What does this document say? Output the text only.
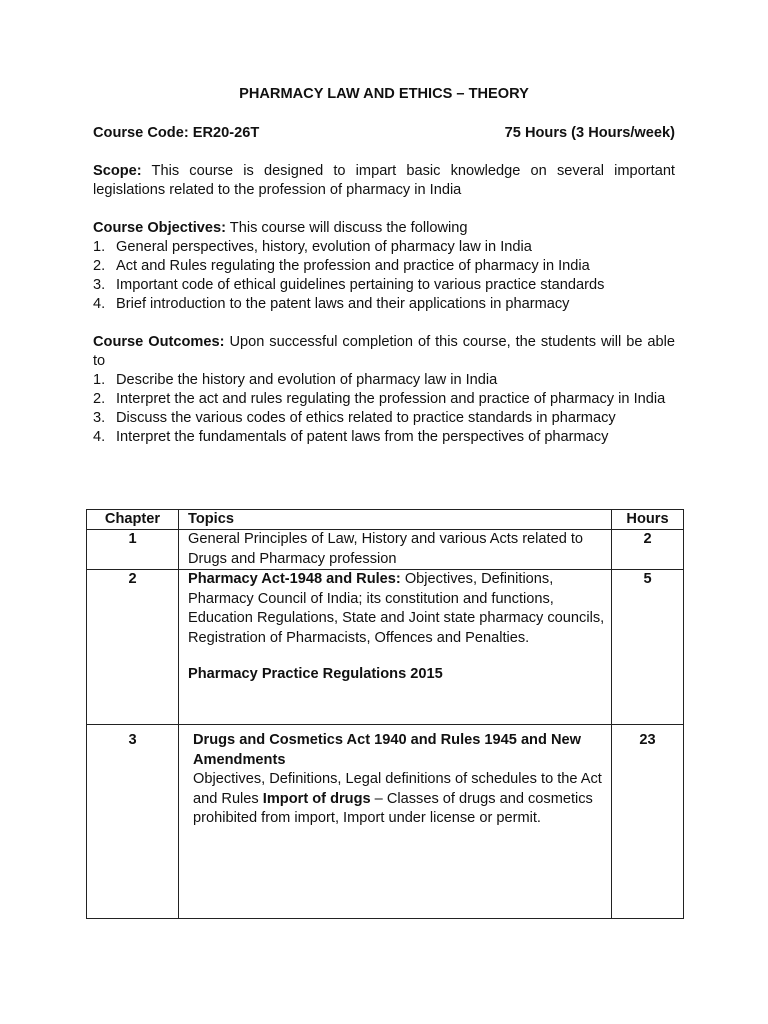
PHARMACY LAW AND ETHICS – THEORY
Course Code: ER20-26T	75 Hours (3 Hours/week)

Scope: This course is designed to impart basic knowledge on several important legislations related to the profession of pharmacy in India

Course Objectives: This course will discuss the following

1. General perspectives, history, evolution of pharmacy law in India
2. Act and Rules regulating the profession and practice of pharmacy in India
3. Important code of ethical guidelines pertaining to various practice standards
4. Brief introduction to the patent laws and their applications in pharmacy

Course Outcomes: Upon successful completion of this course, the students will be able to

1. Describe the history and evolution of pharmacy law in India
2. Interpret the act and rules regulating the profession and practice of pharmacy in India
3. Discuss the various codes of ethics related to practice standards in pharmacy
4. Interpret the fundamentals of patent laws from the perspectives of pharmacy
Chapter	Topics	Hours
1	General Principles of Law, History and various Acts related to Drugs and Pharmacy profession	2
2	Pharmacy Act-1948 and Rules: Objectives, Definitions, Pharmacy Council of India; its constitution and functions, Education Regulations, State and Joint state pharmacy councils, Registration of Pharmacists, Offences and Penalties.
Pharmacy Practice Regulations 2015	5
3	Drugs and Cosmetics Act 1940 and Rules 1945 and New Amendments
Objectives, Definitions, Legal definitions of schedules to the Act and Rules Import of drugs – Classes of drugs and cosmetics prohibited from import, Import under license or permit.	23
